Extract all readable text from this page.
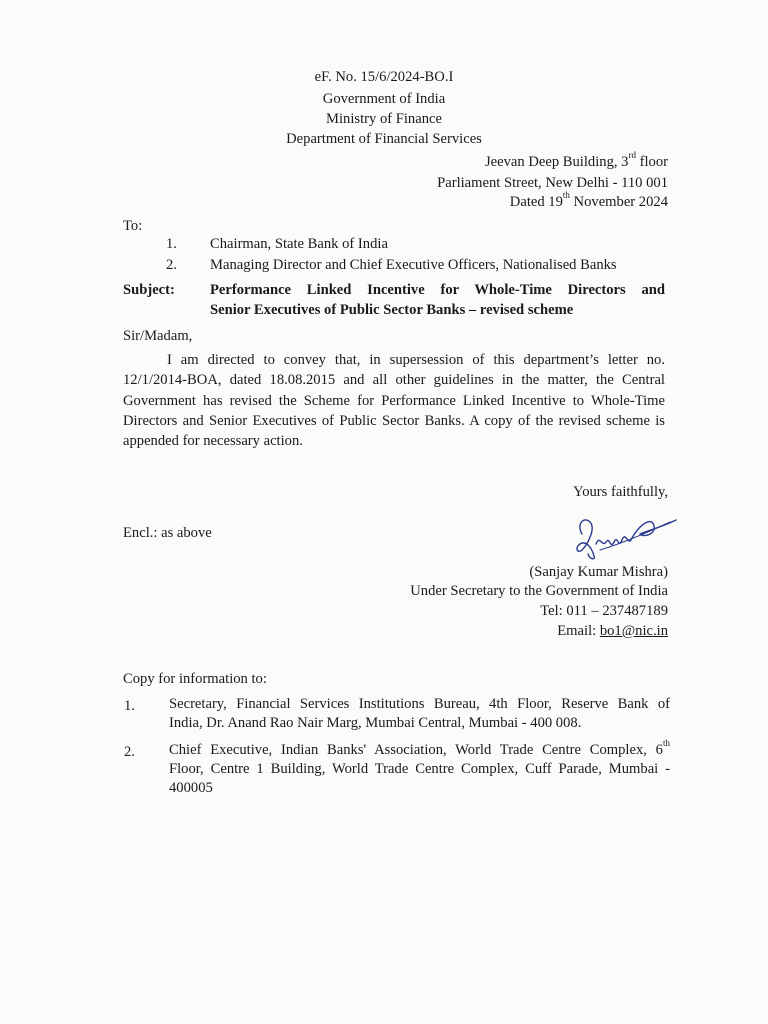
eF. No. 15/6/2024-BO.I
Government of India
Ministry of Finance
Department of Financial Services
Jeevan Deep Building, 3rd floor
Parliament Street, New Delhi - 110 001
Dated 19th November 2024
To:
1. Chairman, State Bank of India
2. Managing Director and Chief Executive Officers, Nationalised Banks
Subject: Performance Linked Incentive for Whole-Time Directors and
Senior Executives of Public Sector Banks – revised scheme
Sir/Madam,
I am directed to convey that, in supersession of this department’s letter no. 12/1/2014-BOA, dated 18.08.2015 and all other guidelines in the matter, the Central Government has revised the Scheme for Performance Linked Incentive to Whole-Time Directors and Senior Executives of Public Sector Banks. A copy of the revised scheme is appended for necessary action.
Yours faithfully,
Encl.: as above
(Sanjay Kumar Mishra)
Under Secretary to the Government of India
Tel: 011 – 237487189
Email: bo1@nic.in
Copy for information to:
1. Secretary, Financial Services Institutions Bureau, 4th Floor, Reserve Bank of
India, Dr. Anand Rao Nair Marg, Mumbai Central, Mumbai - 400 008.
2. Chief Executive, Indian Banks' Association, World Trade Centre Complex, 6th
Floor, Centre 1 Building, World Trade Centre Complex, Cuff Parade, Mumbai -
400005
